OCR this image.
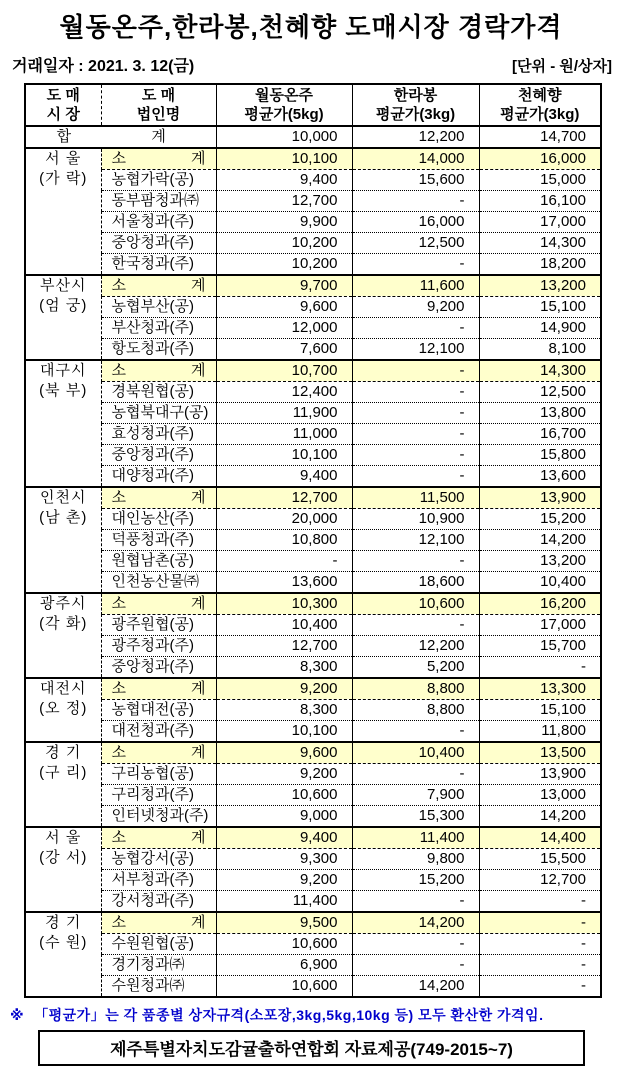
월동온주,한라봉,천혜향 도매시장 경락가격
거래일자 : 2021. 3. 12(금)	[단위 - 원/상자]
도 매
시 장

도 매
법인명

월동온주
평균가(5kg)

한라봉
평균가(3kg)

천혜향
평균가(3kg)

합 계		10,000	12,200	14,700

서 울
(가 락)

소	계	10,100	14,000	16,000
	농협가락(공)	9,400	15,600	15,000
	동부팜청과㈜	12,700	-	16,100
	서울청과(주)	9,900	16,000	17,000
	중앙청과(주)	10,200	12,500	14,300
	한국청과(주)	10,200	-	18,200

부산시
(엄 궁)

소	계	9,700	11,600	13,200
	농협부산(공)	9,600	9,200	15,100
	부산청과(주)	12,000	-	14,900
	항도청과(주)	7,600	12,100	8,100

대구시
(북 부)

소	계	10,700	-	14,300
	경북원협(공)	12,400	-	12,500
	농협북대구(공)	11,900	-	13,800
	효성청과(주)	11,000	-	16,700
	중앙청과(주)	10,100	-	15,800
	대양청과(주)	9,400	-	13,600

인천시
(남 촌)

소	계	12,700	11,500	13,900
	대인농산(주)	20,000	10,900	15,200
	덕풍청과(주)	10,800	12,100	14,200
	원협남촌(공)	-	-	13,200
	인천농산물㈜	13,600	18,600	10,400

광주시
(각 화)

소	계	10,300	10,600	16,200
	광주원협(공)	10,400	-	17,000
	광주청과(주)	12,700	12,200	15,700
	중앙청과(주)	8,300	5,200	-

대전시
(오 정)

소	계	9,200	8,800	13,300
	농협대전(공)	8,300	8,800	15,100
	대전청과(주)	10,100	-	11,800

경 기
(구 리)

소	계	9,600	10,400	13,500
	구리농협(공)	9,200	-	13,900
	구리청과(주)	10,600	7,900	13,000
	인터넷청과(주)	9,000	15,300	14,200

서 울
(강 서)

소	계	9,400	11,400	14,400
	농협강서(공)	9,300	9,800	15,500
	서부청과(주)	9,200	15,200	12,700
	강서청과(주)	11,400	-	-

경 기
(수 원)

소	계	9,500	14,200	-
	수원원협(공)	10,600	-	-
	경기청과㈜	6,900	-	-
	수원청과㈜	10,600	14,200	-
※ 「평균가」는 각 품종별 상자규격(소포장,3kg,5kg,10kg 등) 모두 환산한 가격임.
제주특별자치도감귤출하연합회 자료제공(749-2015~7)
